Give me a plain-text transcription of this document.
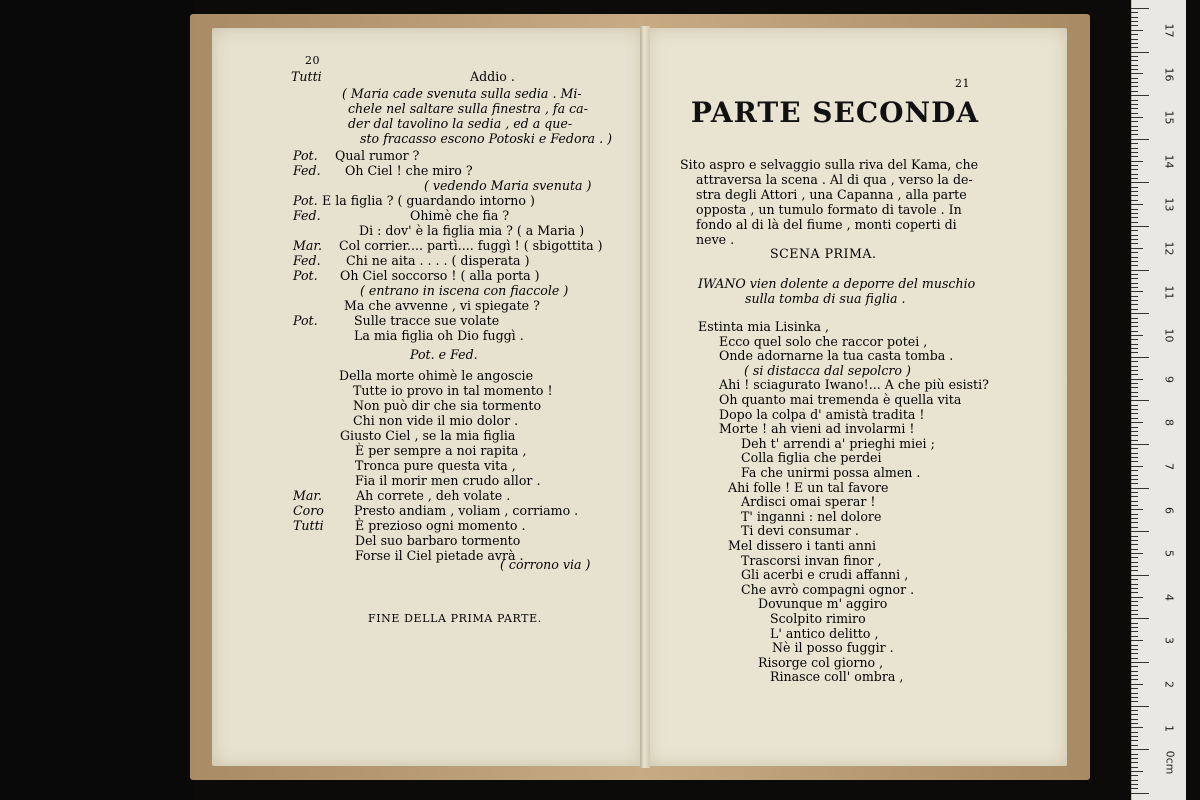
20
Tutti	Addio .
( Maria cade svenuta sulla sedia . Mi-
chele nel saltare sulla finestra , fa ca-
der dal tavolino la sedia , ed a que-
sto fracasso escono Potoski e Fedora . )
Pot. Qual rumor ?
Fed. Oh Ciel ! che miro ?
( vedendo Maria svenuta )
Pot. E la figlia ? ( guardando intorno )
Fed.	Ohimè che fia ?
Di : dov' è la figlia mia ? ( a Maria )
Mar. Col corrier.... partì.... fuggì ! ( sbigottita )
Fed. Chi ne aita . . . . ( disperata )
Pot. Oh Ciel soccorso ! ( alla porta )
( entrano in iscena con fiaccole )
Ma che avvenne , vi spiegate ?
Pot.	Sulle tracce sue volate
La mia figlia oh Dio fuggì .
Pot. e Fed.
Della morte ohimè le angoscie
Tutte io provo in tal momento !
Non può dir che sia tormento
Chi non vide il mio dolor .
Giusto Ciel , se la mia figlia
È per sempre a noi rapita ,
Tronca pure questa vita ,
Fia il morir men crudo allor .
Mar.	Ah correte , deh volate .
Coro Presto andiam , voliam , corriamo .
Tutti È prezioso ogni momento .
Del suo barbaro tormento
Forse il Ciel pietade avrà .
( corrono via )
FINE DELLA PRIMA PARTE.
21
PARTE SECONDA
Sito aspro e selvaggio sulla riva del Kama, che
attraversa la scena . Al di qua , verso la de-
stra degli Attori , una Capanna , alla parte
opposta , un tumulo formato di tavole . In
fondo al di là del fiume , monti coperti di
neve .
SCENA PRIMA.
IWANO vien dolente a deporre del muschio
sulla tomba di sua figlia .
Estinta mia Lisinka ,
Ecco quel solo che raccor potei ,
Onde adornarne la tua casta tomba .
( si distacca dal sepolcro )
Ahi ! sciagurato Iwano!... A che più esisti?
Oh quanto mai tremenda è quella vita
Dopo la colpa d' amistà tradita !
Morte ! ah vieni ad involarmi !
Deh t' arrendi a' prieghi miei ;
Colla figlia che perdei
Fa che unirmi possa almen .
Ahi folle ! E un tal favore
Ardisci omai sperar !
T' inganni : nel dolore
Ti devi consumar .
Mel dissero i tanti anni
Trascorsi invan finor ,
Gli acerbi e crudi affanni ,
Che avrò compagni ognor .
Dovunque m' aggiro
Scolpito rimiro
L' antico delitto ,
Nè il posso fuggir .
Risorge col giorno ,
Rinasce coll' ombra ,
17
16
15
14
13
12
11
10
9
8
7
6
5
4
3
2
1
0cm
